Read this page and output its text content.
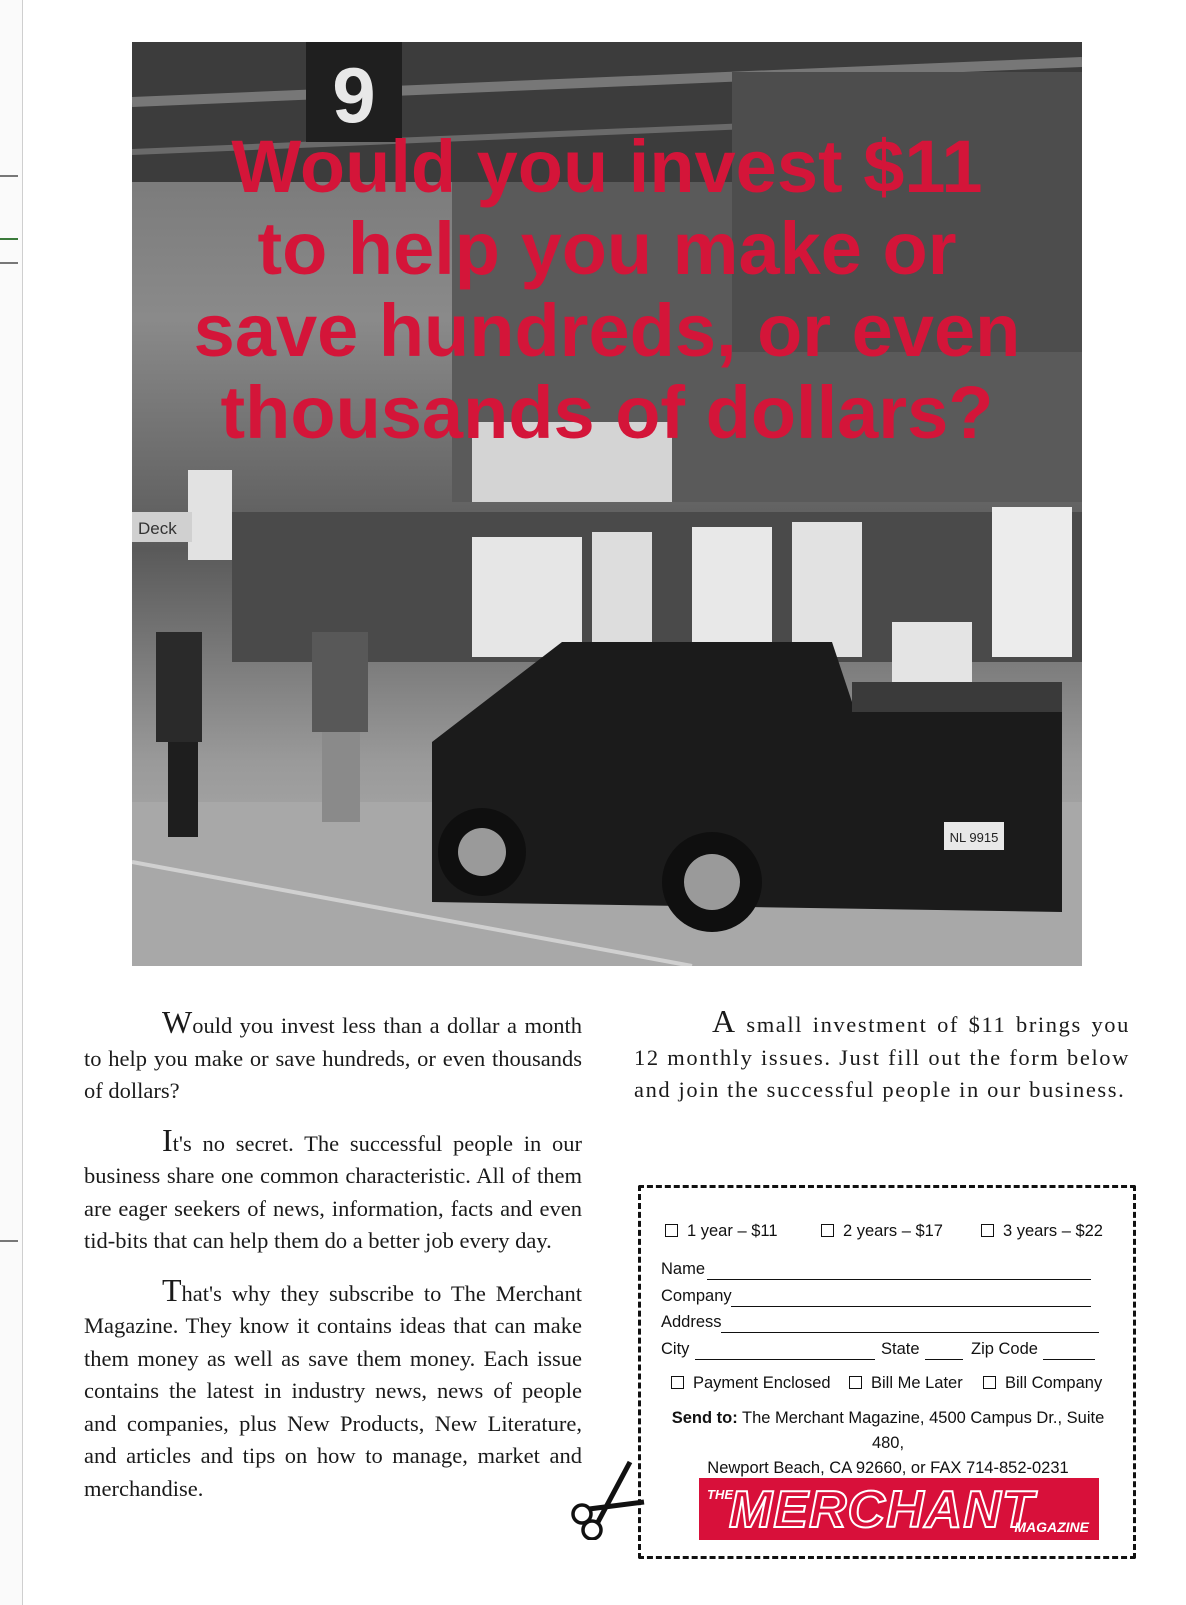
9
Deck
NL 9915
Would you invest $11
to help you make or
save hundreds, or even
thousands of dollars?

Would you invest less than a dollar a month to help you make or save hundreds, or even thousands of dollars?

It's no secret. The successful people in our business share one common characteristic. All of them are eager seekers of news, information, facts and even tid-bits that can help them do a better job every day.

That's why they subscribe to The Merchant Magazine. They know it contains ideas that can make them money as well as save them money. Each issue contains the latest in industry news, news of people and companies, plus New Products, New Literature, and articles and tips on how to manage, market and merchandise.

A small investment of $11 brings you 12 monthly issues. Just fill out the form below and join the successful people in our business.

1 year – $11	2 years – $17	3 years – $22
Name
Company
Address
City	State	Zip Code
Payment Enclosed	Bill Me Later	Bill Company
Send to: The Merchant Magazine, 4500 Campus Dr., Suite 480,
Newport Beach, CA 92660, or FAX 714-852-0231
THE
MERCHANT
MAGAZINE
